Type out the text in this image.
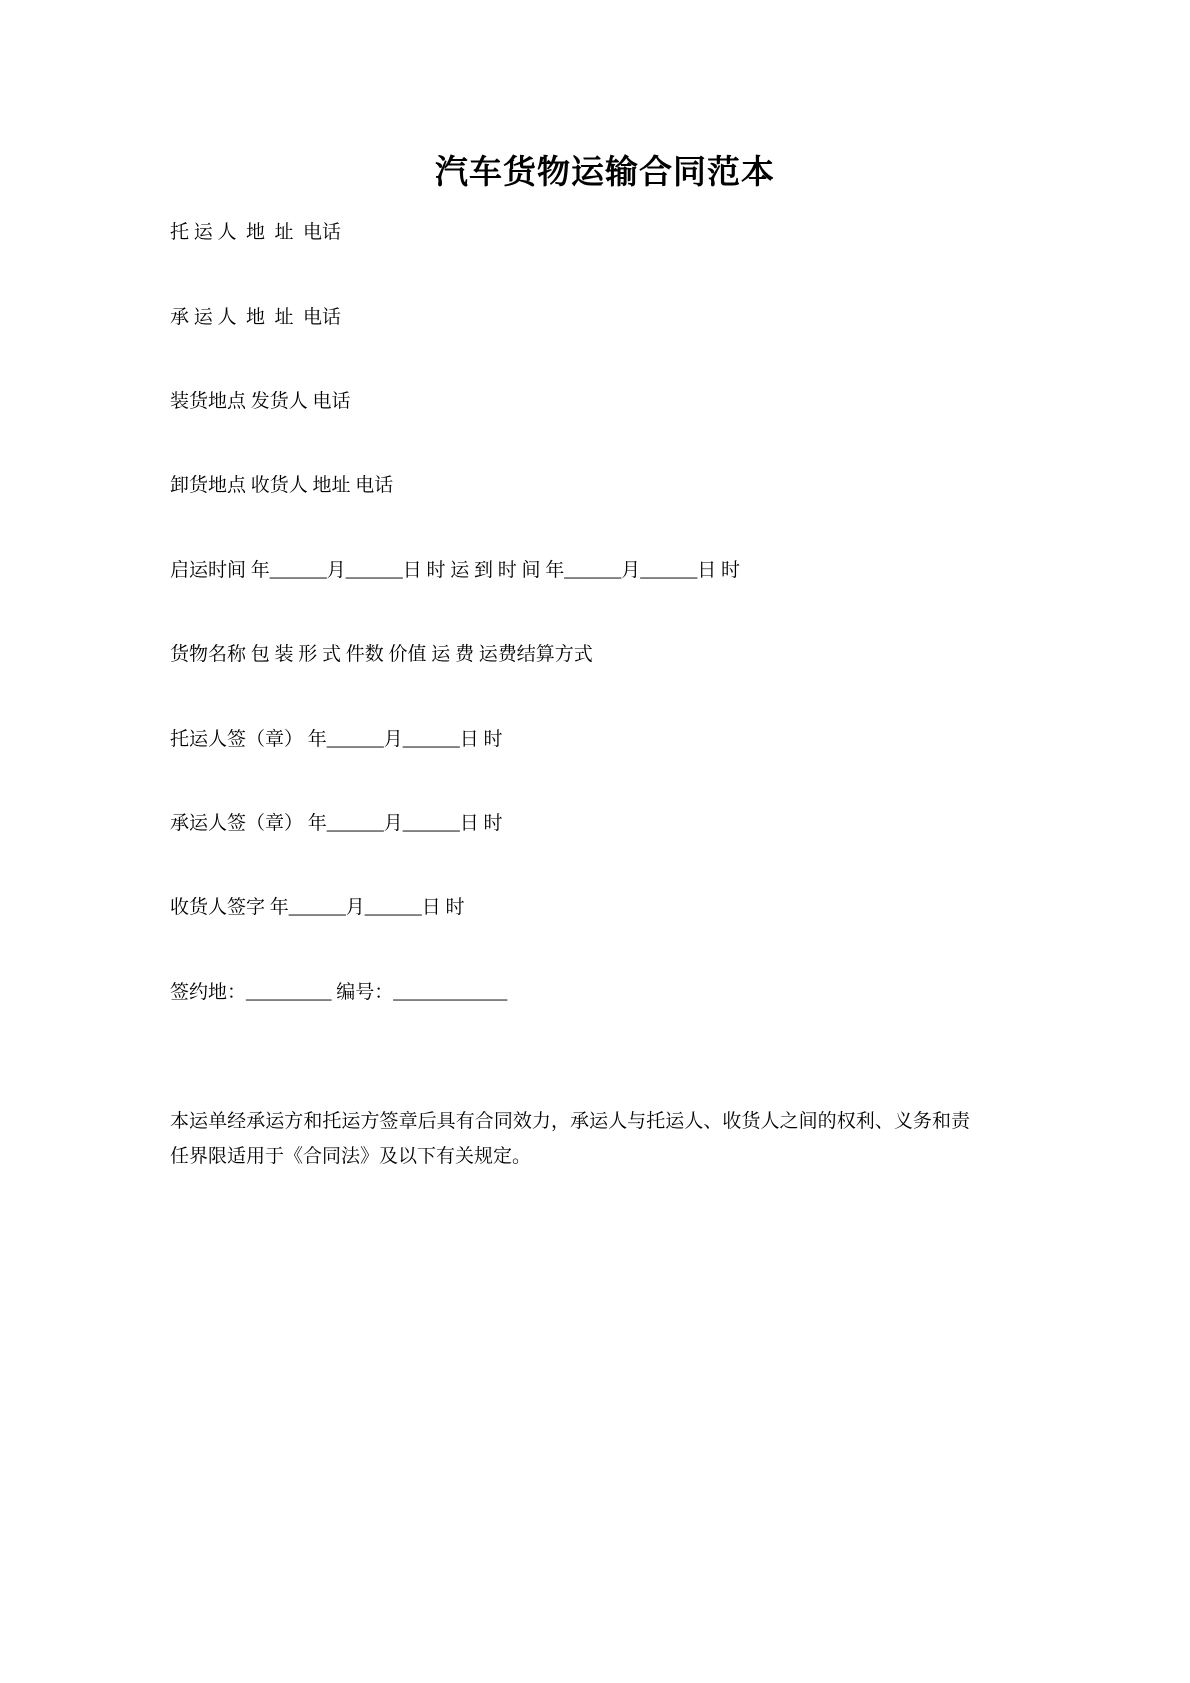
汽车货物运输合同范本

托 运 人  地  址  电话

承 运 人  地  址  电话

装货地点 发货人 电话

卸货地点 收货人 地址 电话

启运时间 年______月______日 时 运 到 时 间 年______月______日 时

货物名称 包 装 形 式 件数 价值 运 费 运费结算方式

托运人签（章） 年______月______日 时

承运人签（章） 年______月______日 时

收货人签字 年______月______日 时

签约地：_________ 编号：____________

本运单经承运方和托运方签章后具有合同效力，承运人与托运人、收货人之间的权利、义务和责任界限适用于《合同法》及以下有关规定。
